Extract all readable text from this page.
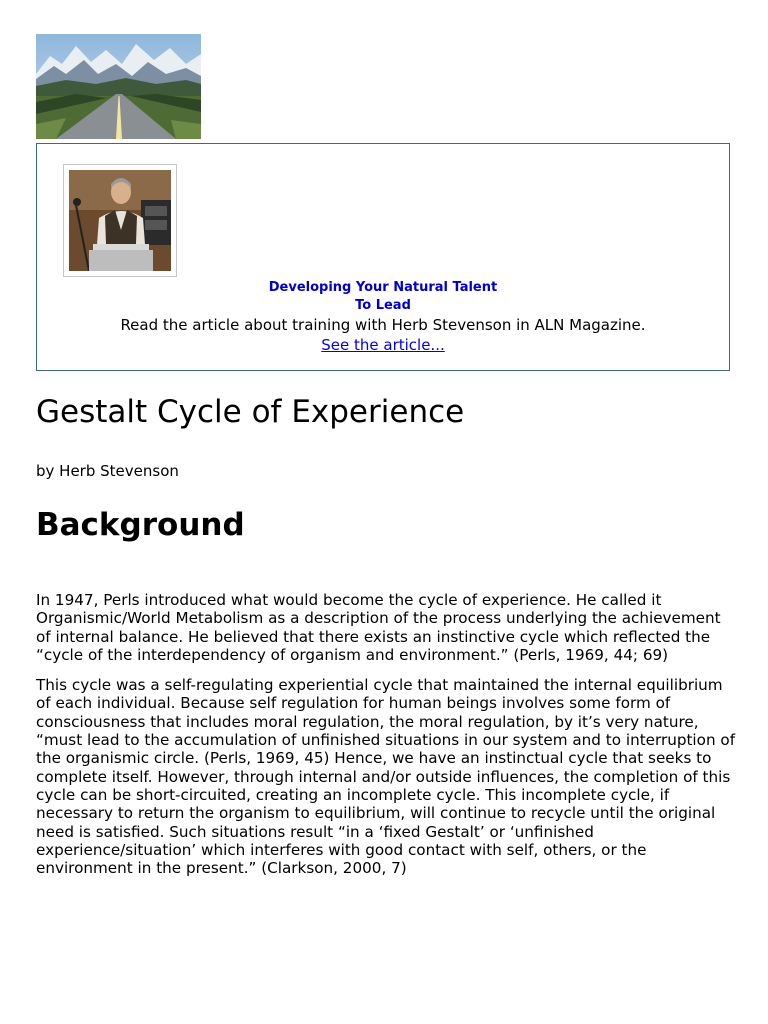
Developing Your Natural Talent
To Lead
Read the article about training with Herb Stevenson in ALN Magazine.
See the article...
Gestalt Cycle of Experience

by Herb Stevenson

Background

In 1947, Perls introduced what would become the cycle of experience. He called it Organismic/World Metabolism as a description of the process underlying the achievement of internal balance. He believed that there exists an instinctive cycle which reflected the “cycle of the interdependency of organism and environment.” (Perls, 1969, 44; 69)

This cycle was a self-regulating experiential cycle that maintained the internal equilibrium of each individual. Because self regulation for human beings involves some form of consciousness that includes moral regulation, the moral regulation, by it’s very nature, “must lead to the accumulation of unfinished situations in our system and to interruption of the organismic circle. (Perls, 1969, 45) Hence, we have an instinctual cycle that seeks to complete itself. However, through internal and/or outside influences, the completion of this cycle can be short-circuited, creating an incomplete cycle. This incomplete cycle, if necessary to return the organism to equilibrium, will continue to recycle until the original need is satisfied. Such situations result “in a ‘fixed Gestalt’ or ‘unfinished experience/situation’ which interferes with good contact with self, others, or the environment in the present.” (Clarkson, 2000, 7)
